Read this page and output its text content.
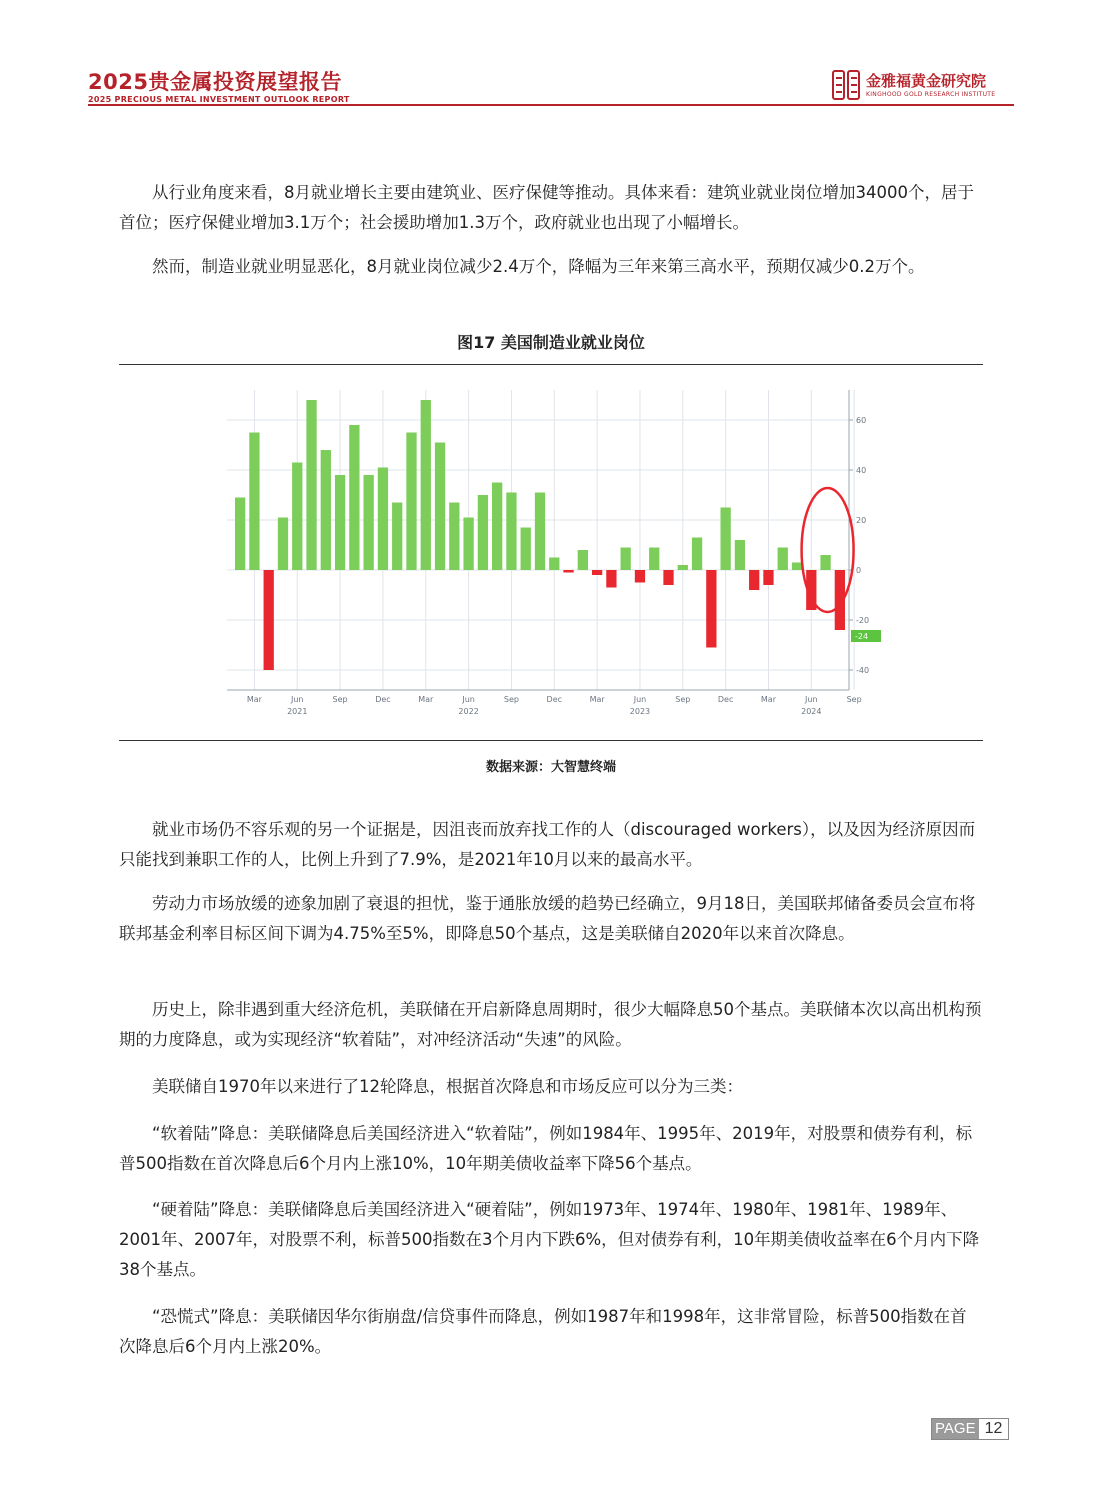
2025贵金属投资展望报告
2025 PRECIOUS METAL INVESTMENT OUTLOOK REPORT
金雅福黄金研究院
KINGHOOD GOLD RESEARCH INSTITUTE

从行业角度来看，8月就业增长主要由建筑业、医疗保健等推动。具体来看：建筑业就业岗位增加34000个，居于首位；医疗保健业增加3.1万个；社会援助增加1.3万个，政府就业也出现了小幅增长。

然而，制造业就业明显恶化，8月就业岗位减少2.4万个，降幅为三年来第三高水平，预期仅减少0.2万个。

图17 美国制造业就业岗位
60
40
20
0
-20
-40
Mar	Jun	Sep	Dec	Mar	Jun	Sep	Dec	Mar	Jun	Sep	Dec	Mar	Jun	Sep
2021	2022	2023	2024
-24
数据来源：大智慧终端

就业市场仍不容乐观的另一个证据是，因沮丧而放弃找工作的人（discouraged workers），以及因为经济原因而只能找到兼职工作的人，比例上升到了7.9%，是2021年10月以来的最高水平。

劳动力市场放缓的迹象加剧了衰退的担忧，鉴于通胀放缓的趋势已经确立，9月18日，美国联邦储备委员会宣布将联邦基金利率目标区间下调为4.75%至5%，即降息50个基点，这是美联储自2020年以来首次降息。

历史上，除非遇到重大经济危机，美联储在开启新降息周期时，很少大幅降息50个基点。美联储本次以高出机构预期的力度降息，或为实现经济“软着陆”，对冲经济活动“失速”的风险。

美联储自1970年以来进行了12轮降息，根据首次降息和市场反应可以分为三类：

“软着陆”降息：美联储降息后美国经济进入“软着陆”，例如1984年、1995年、2019年，对股票和债券有利，标普500指数在首次降息后6个月内上涨10%，10年期美债收益率下降56个基点。

“硬着陆”降息：美联储降息后美国经济进入“硬着陆”，例如1973年、1974年、1980年、1981年、1989年、2001年、2007年，对股票不利，标普500指数在3个月内下跌6%，但对债券有利，10年期美债收益率在6个月内下降38个基点。

“恐慌式”降息：美联储因华尔街崩盘/信贷事件而降息，例如1987年和1998年，这非常冒险，标普500指数在首次降息后6个月内上涨20%。

PAGE 12
